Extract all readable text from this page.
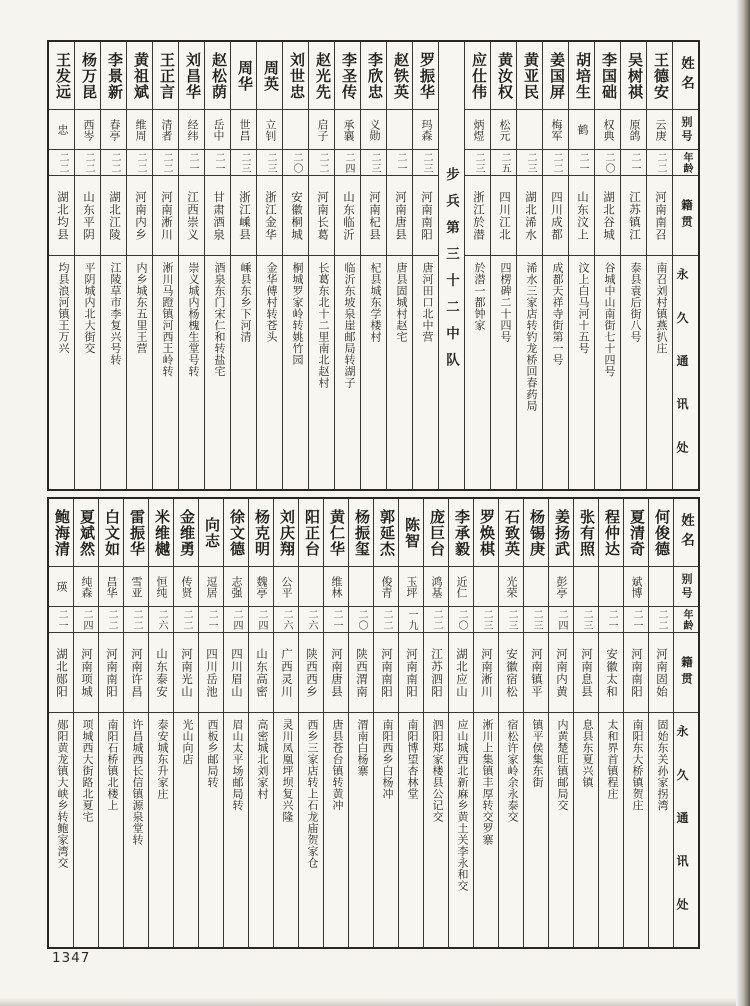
姓名
别号
年龄
籍贯
永久通讯处
王德安
云庚
二二
河南南召
南召刘村镇燕扒庄
吴树祺
原鸽
二一
江苏镇江
泰县袁后街八号
李国础
权典
二〇
湖北谷城
谷城中山南街七十四号
胡培生
鹤
二一
山东汶上
汶上白马河十五号
姜国屏
梅军
二二
四川成都
成都天祥寺街第一号
黄亚民
二三
湖北浠水
浠水三家店转钓龙桥回春药局
黄汝权
松元
二五
四川江北
四楞碑二十四号
应仕伟
炳煜
二三
浙江於潜
於潜一都钟家
步兵第三十二中队
罗振华
玛森
二三
河南南阳
唐河田口北中营
赵铁英
二一
河南唐县
唐县固城村赵宅
李欣忠
义勋
二三
河南杞县
杞县城东学楼村
李圣传
承襄
二四
山东临沂
临沂东坡泉崖邮局转湖子
赵光先
启子
二二
河南长葛
长葛东北十二里南北赵村
刘世忠
二〇
安徽桐城
桐城罗家岭转姚竹园
周英
立钊
二三
浙江金华
金华傅村转苍头
周华
世昌
二三
浙江嵊县
嵊县东乡下河清
赵松荫
岳中
二一
甘肃酒泉
酒泉东门宋仁和转盐宅
刘昌华
经纬
二一
江西崇义
崇义城内杨槐生堂号转
王正言
清者
二二
河南淅川
淅川马蹬镇河西王岭转
黄祖斌
维周
二二
河南内乡
内乡城东五里王营
李景新
春亭
二二
湖北江陵
江陵草市李复兴号转
杨万昆
西岑
二二
山东平阴
平阴城内北大街交
王发远
忠
二二
湖北均县
均县浪河镇王万兴
姓名
别号
年龄
籍贯
永久通讯处
何俊德
二二
河南固始
固始东关孙家拐湾
夏清奇
斌博
二一
河南南阳
南阳东大桥镇贺庄
程仲达
二一
安徽太和
太和界首镇程庄
张有照
二三
河南息县
息县东夏兴镇
姜扬武
彭亭
二四
河南内黄
内黄楚旺镇邮局交
杨锡庚
二三
河南镇平
镇平侯集东街
石致英
光荣
二三
安徽宿松
宿松许家岭余永泰交
罗焕棋
二三
河南淅川
淅川上集镇丰厚转交罗寨
李承毅
近仁
二〇
湖北应山
应山城西北新麻乡黄土关李永和交
庞巨台
鸿基
二二
江苏泗阳
泗阳郑家楼县公记交
陈智
玉坪
一九
河南南阳
南阳博望杏林堂
郭延杰
俊青
二二
河南南阳
南阳西乡白杨冲
杨振玺
二〇
陕西渭南
渭南白杨寨
黄仁华
维林
二一
河南唐县
唐县苍台镇转黄冲
阳正台
二六
陕西西乡
西乡三家店转上石龙庙贺家仓
刘庆翔
公平
二六
广西灵川
灵川凤凰坪坝复兴隆
杨克明
魏亭
二四
山东高密
高密城北刘家村
徐文德
志强
二四
四川眉山
眉山太平场邮局转
向志
逗居
二一
四川岳池
西板乡邮局转
金维勇
传贤
二二
河南光山
光山向店
米维樾
恒纯
二六
山东泰安
泰安城东升家庄
雷振华
雪亚
二二
河南许昌
许昌城西长信镇源泉堂转
白文如
昌华
二二
河南南阳
南阳石桥镇北楼上
夏斌然
纯森
二四
河南项城
项城西大街路北夏宅
鲍海清
瑛
二一
湖北郧阳
郧阳黄龙镇大峡乡转鲍家湾交
1347
